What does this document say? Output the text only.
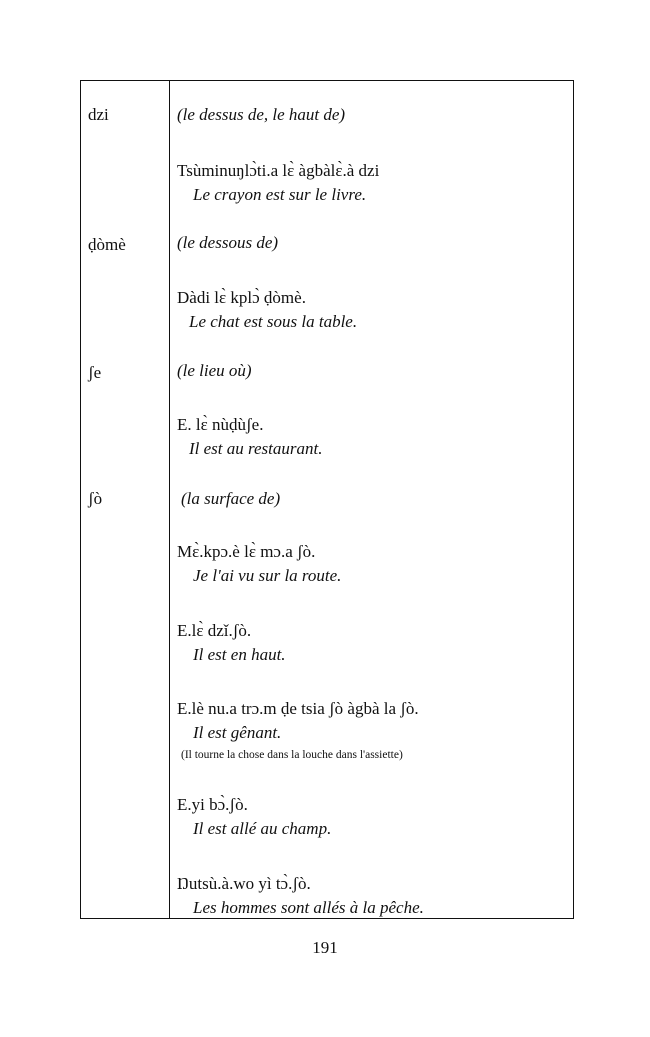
dzi	(le dessus de, le haut de)
Tsùminuŋlɔ̀ti.a lɛ̀ àgbàlɛ̀.à dzi
Le crayon est sur le livre.
ḍòmè	(le dessous de)
Dàdi lɛ̀ kplɔ̀ ḍòmè.
Le chat est sous la table.
ʃe	(le lieu où)
E. lɛ̀ nùḍùʃe.
Il est au restaurant.
ʃò	(la surface de)
Mɛ̀.kpɔ.è lɛ̀ mɔ.a ʃò.
Je l'ai vu sur la route.
E.lɛ̀ dzǐ.ʃò.
Il est en haut.
E.lè nu.a trɔ.m ḍe tsia ʃò àgbà la ʃò.
Il est gênant.
(Il tourne la chose dans la louche dans l'assiette)
E.yi bɔ̀.ʃò.
Il est allé au champ.
Ŋutsù.à.wo yì tɔ̀.ʃò.
Les hommes sont allés à la pêche.
191
